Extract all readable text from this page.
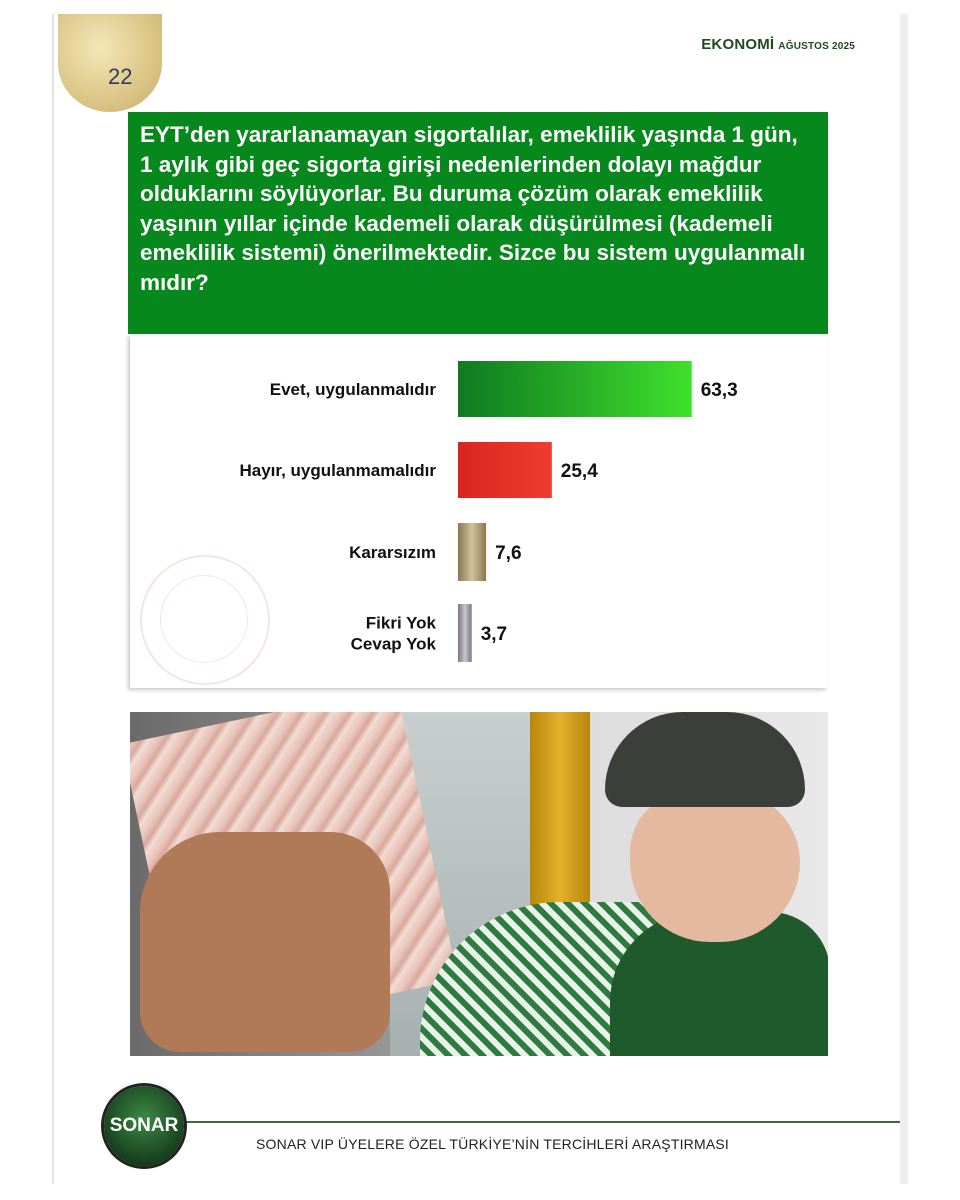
22
EKONOMİ AĞUSTOS 2025

EYT’den yararlanamayan sigortalılar, emeklilik yaşında 1 gün, 1 aylık gibi geç sigorta girişi nedenlerinden dolayı mağdur olduklarını söylüyorlar. Bu duruma çözüm olarak emeklilik yaşının yıllar içinde kademeli olarak düşürülmesi (kademeli emeklilik sistemi) önerilmektedir. Sizce bu sistem uygulanmalı mıdır?

Evet, uygulanmalıdır	63,3
Hayır, uygulanmamalıdır	25,4
Kararsızım	7,6
Fikri Yok Cevap Yok 3,7
SONAR
SONAR VIP ÜYELERE ÖZEL TÜRKİYE’NİN TERCİHLERİ ARAŞTIRMASI
